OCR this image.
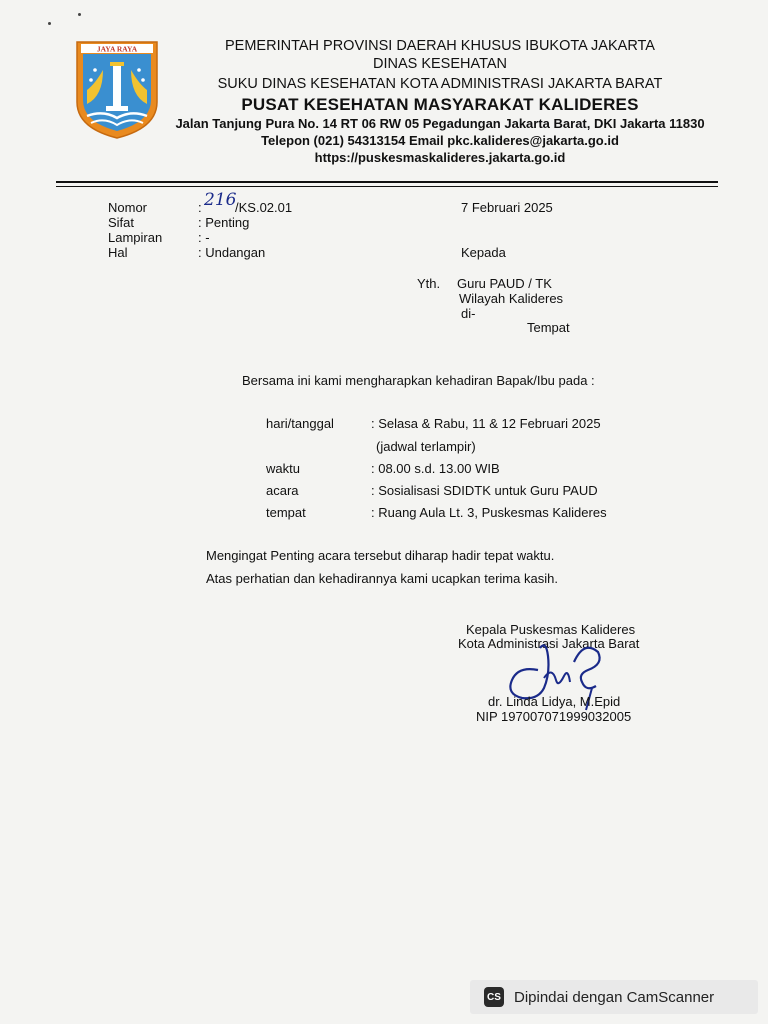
JAYA RAYA	PEMERINTAH PROVINSI DAERAH KHUSUS IBUKOTA JAKARTA
DINAS KESEHATAN
SUKU DINAS KESEHATAN KOTA ADMINISTRASI JAKARTA BARAT
PUSAT KESEHATAN MASYARAKAT KALIDERES
Jalan Tanjung Pura No. 14 RT 06 RW 05 Pegadungan Jakarta Barat, DKI Jakarta 11830
Telepon (021) 54313154 Email pkc.kalideres@jakarta.go.id
https://puskesmaskalideres.jakarta.go.id
Nomor	: 216
/KS.02.01
Sifat	: Penting
Lampiran	: -
Hal	: Undangan
7 Februari 2025
Kepada
Yth. Guru PAUD / TK
Wilayah Kalideres
di-
Tempat
Bersama ini kami mengharapkan kehadiran Bapak/Ibu pada :
hari/tanggal	: Selasa & Rabu, 11 & 12 Februari 2025
(jadwal terlampir)
waktu	: 08.00 s.d. 13.00 WIB
acara	: Sosialisasi SDIDTK untuk Guru PAUD
tempat	: Ruang Aula Lt. 3, Puskesmas Kalideres
Mengingat Penting acara tersebut diharap hadir tepat waktu.
Atas perhatian dan kehadirannya kami ucapkan terima kasih.
Kepala Puskesmas Kalideres
Kota Administrasi Jakarta Barat
dr. Linda Lidya, M.Epid
NIP 197007071999032005
CS Dipindai dengan CamScanner
